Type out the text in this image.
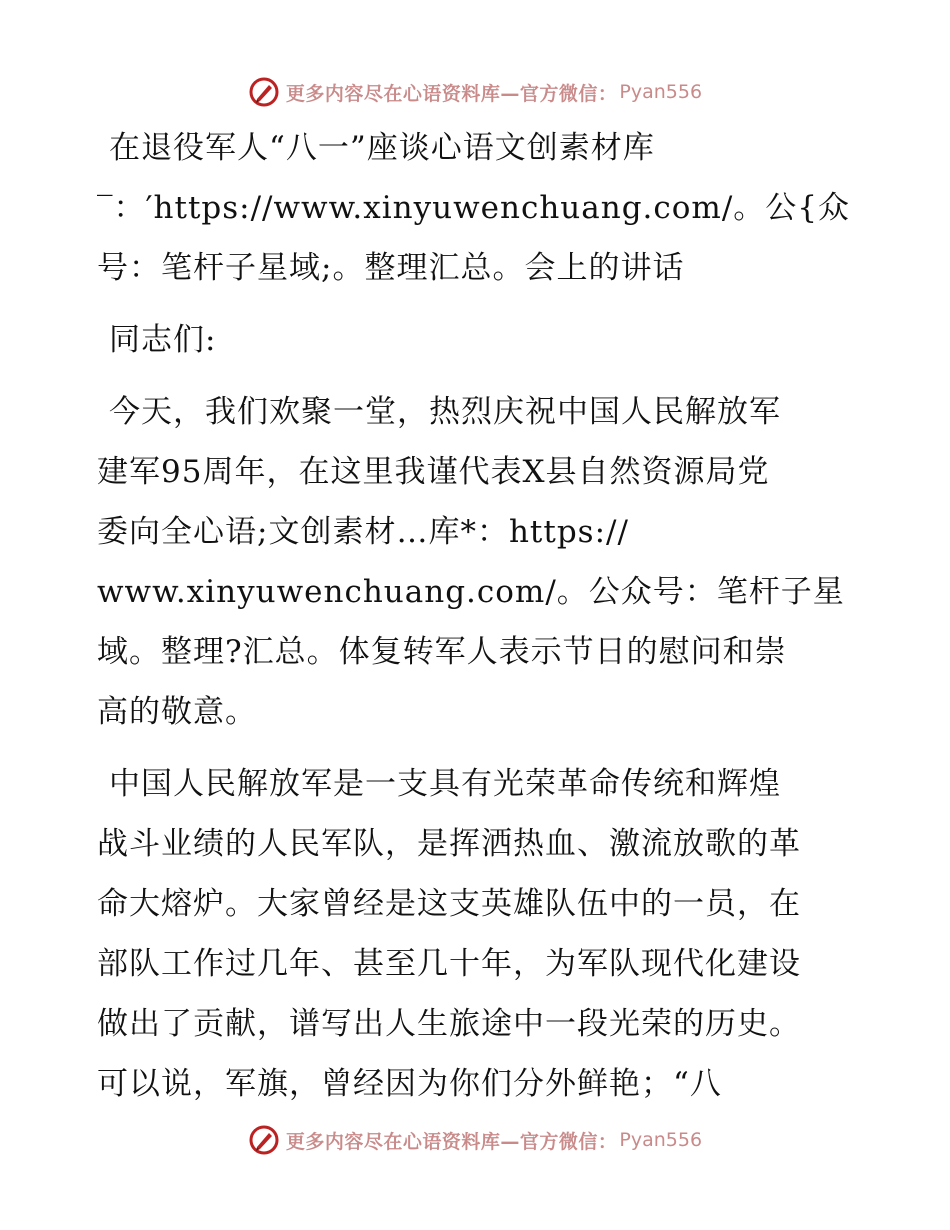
更多内容尽在心语资料库—官方微信： Pyan556
在退役军人“八一”座谈心语文创素材库
‾：′https://www.xinyuwenchuang.com/。公{众
号：笔杆子星域;。整理汇总。会上的讲话
同志们:
今天，我们欢聚一堂，热烈庆祝中国人民解放军
建军95周年，在这里我谨代表X县自然资源局党
委向全心语;文创素材…库*：https://
www.xinyuwenchuang.com/。公众号：笔杆子星
域。整理?汇总。体复转军人表示节日的慰问和崇
高的敬意。
中国人民解放军是一支具有光荣革命传统和辉煌
战斗业绩的人民军队，是挥洒热血、激流放歌的革
命大熔炉。大家曾经是这支英雄队伍中的一员，在
部队工作过几年、甚至几十年，为军队现代化建设
做出了贡献，谱写出人生旅途中一段光荣的历史。
可以说，军旗，曾经因为你们分外鲜艳；“八
更多内容尽在心语资料库—官方微信： Pyan556
